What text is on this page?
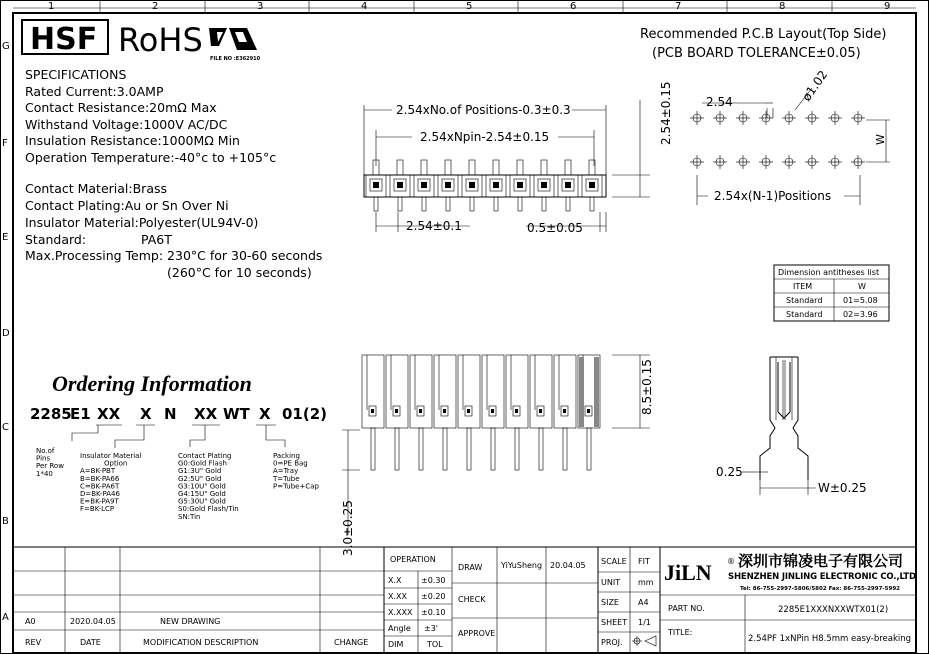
1	2	3	4	5	6	7	8	9
G
F
E
D
C
B
A
HSF RoHS FILE NO :E362910
SPECIFICATIONS
Rated Current:3.0AMP
Contact Resistance:20mΩ Max
Withstand Voltage:1000V AC/DC
Insulation Resistance:1000MΩ Min
Operation Temperature:-40°c to +105°c
Contact Material:Brass
Contact Plating:Au or Sn Over Ni
Insulator Material:Polyester(UL94V-0)
Standard:	PA6T
Max.Processing Temp: 230°C for 30-60 seconds
(260°C for 10 seconds)
Recommended P.C.B Layout(Top Side)
(PCB BOARD TOLERANCE±0.05)
2.54	ø1.02
W
2.54x(N-1)Positions
2.54xNo.of Positions-0.3±0.3
2.54xNpin-2.54±0.15	2.54±0.15
2.54±0.1	0.5±0.05
Dimension antitheses list
ITEM	W
Standard	01=5.08
Standard	02=3.96
8.5±0.15
3.0±0.25
0.25
W±0.25
Ordering Information
2285
E1 XX X N XX WT X 01(2)
No.of
Pins
Per Row
1*40
Insulator Material
Option
A=BK-PBT
B=BK-PA66
C=BK-PA6T
D=BK-PA46
E=BK-PA9T
F=BK-LCP
Contact Plating
G0:Gold Flash
G1:3U" Gold
G2:5U" Gold
G3:10U" Gold
G4:15U" Gold
G5:30U" Gold
S0:Gold Flash/Tin
SN:Tin
Packing
0=PE Bag
A=Tray
T=Tube
P=Tube+Cap
A0	2020.04.05	NEW DRAWING
REV	DATE	MODIFICATION DESCRIPTION	CHANGE
OPERATION
X.X ±0.30
X.XX ±0.20
X.XXX ±0.10
Angle ±3'
DIM	TOL
DRAW YiYuSheng 20.04.05
CHECK
APPROVE
SCALE FIT
UNIT mm
SIZE A4
SHEET 1/1
PROJ.
JiLN ® 深圳市锦凌电子有限公司
SHENZHEN JINLING ELECTRONIC CO.,LTD
Tel: 86-755-2997-5806/5802 Fax: 86-755-2997-5992
PART NO.	2285E1XXXNXXWTX01(2)
TITLE:
2.54PF 1xNPin H8.5mm easy-breaking
